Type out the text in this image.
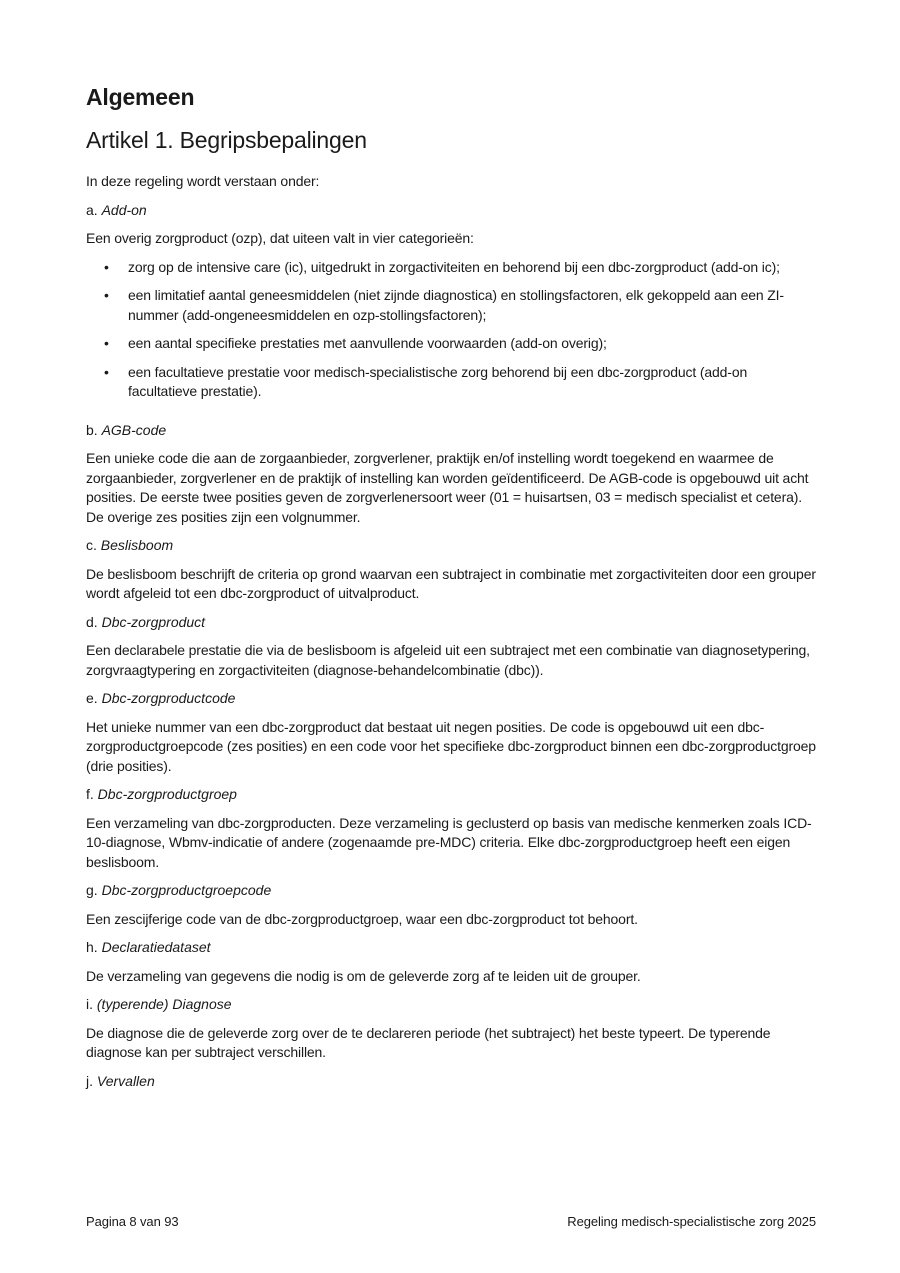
Algemeen
Artikel 1. Begripsbepalingen

In deze regeling wordt verstaan onder:

a. Add-on

Een overig zorgproduct (ozp), dat uiteen valt in vier categorieën:

• zorg op de intensive care (ic), uitgedrukt in zorgactiviteiten en behorend bij een dbc-zorgproduct (add-on ic);
• een limitatief aantal geneesmiddelen (niet zijnde diagnostica) en stollingsfactoren, elk gekoppeld aan een ZI-nummer (add-ongeneesmiddelen en ozp-stollingsfactoren);
• een aantal specifieke prestaties met aanvullende voorwaarden (add-on overig);
• een facultatieve prestatie voor medisch-specialistische zorg behorend bij een dbc-zorgproduct (add-on facultatieve prestatie).
b. AGB-code

Een unieke code die aan de zorgaanbieder, zorgverlener, praktijk en/of instelling wordt toegekend en waarmee de zorgaanbieder, zorgverlener en de praktijk of instelling kan worden geïdentificeerd. De AGB-code is opgebouwd uit acht posities. De eerste twee posities geven de zorgverlenersoort weer (01 = huisartsen, 03 = medisch specialist et cetera). De overige zes posities zijn een volgnummer.

c. Beslisboom

De beslisboom beschrijft de criteria op grond waarvan een subtraject in combinatie met zorgactiviteiten door een grouper wordt afgeleid tot een dbc-zorgproduct of uitvalproduct.

d. Dbc-zorgproduct

Een declarabele prestatie die via de beslisboom is afgeleid uit een subtraject met een combinatie van diagnosetypering, zorgvraagtypering en zorgactiviteiten (diagnose-behandelcombinatie (dbc)).

e. Dbc-zorgproductcode

Het unieke nummer van een dbc-zorgproduct dat bestaat uit negen posities. De code is opgebouwd uit een dbc-zorgproductgroepcode (zes posities) en een code voor het specifieke dbc-zorgproduct binnen een dbc-zorgproductgroep (drie posities).

f. Dbc-zorgproductgroep

Een verzameling van dbc-zorgproducten. Deze verzameling is geclusterd op basis van medische kenmerken zoals ICD-10-diagnose, Wbmv-indicatie of andere (zogenaamde pre-MDC) criteria. Elke dbc-zorgproductgroep heeft een eigen beslisboom.

g. Dbc-zorgproductgroepcode

Een zescijferige code van de dbc-zorgproductgroep, waar een dbc-zorgproduct tot behoort.

h. Declaratiedataset

De verzameling van gegevens die nodig is om de geleverde zorg af te leiden uit de grouper.

i. (typerende) Diagnose

De diagnose die de geleverde zorg over de te declareren periode (het subtraject) het beste typeert. De typerende diagnose kan per subtraject verschillen.

j. Vervallen
Pagina 8 van 93	Regeling medisch-specialistische zorg 2025
